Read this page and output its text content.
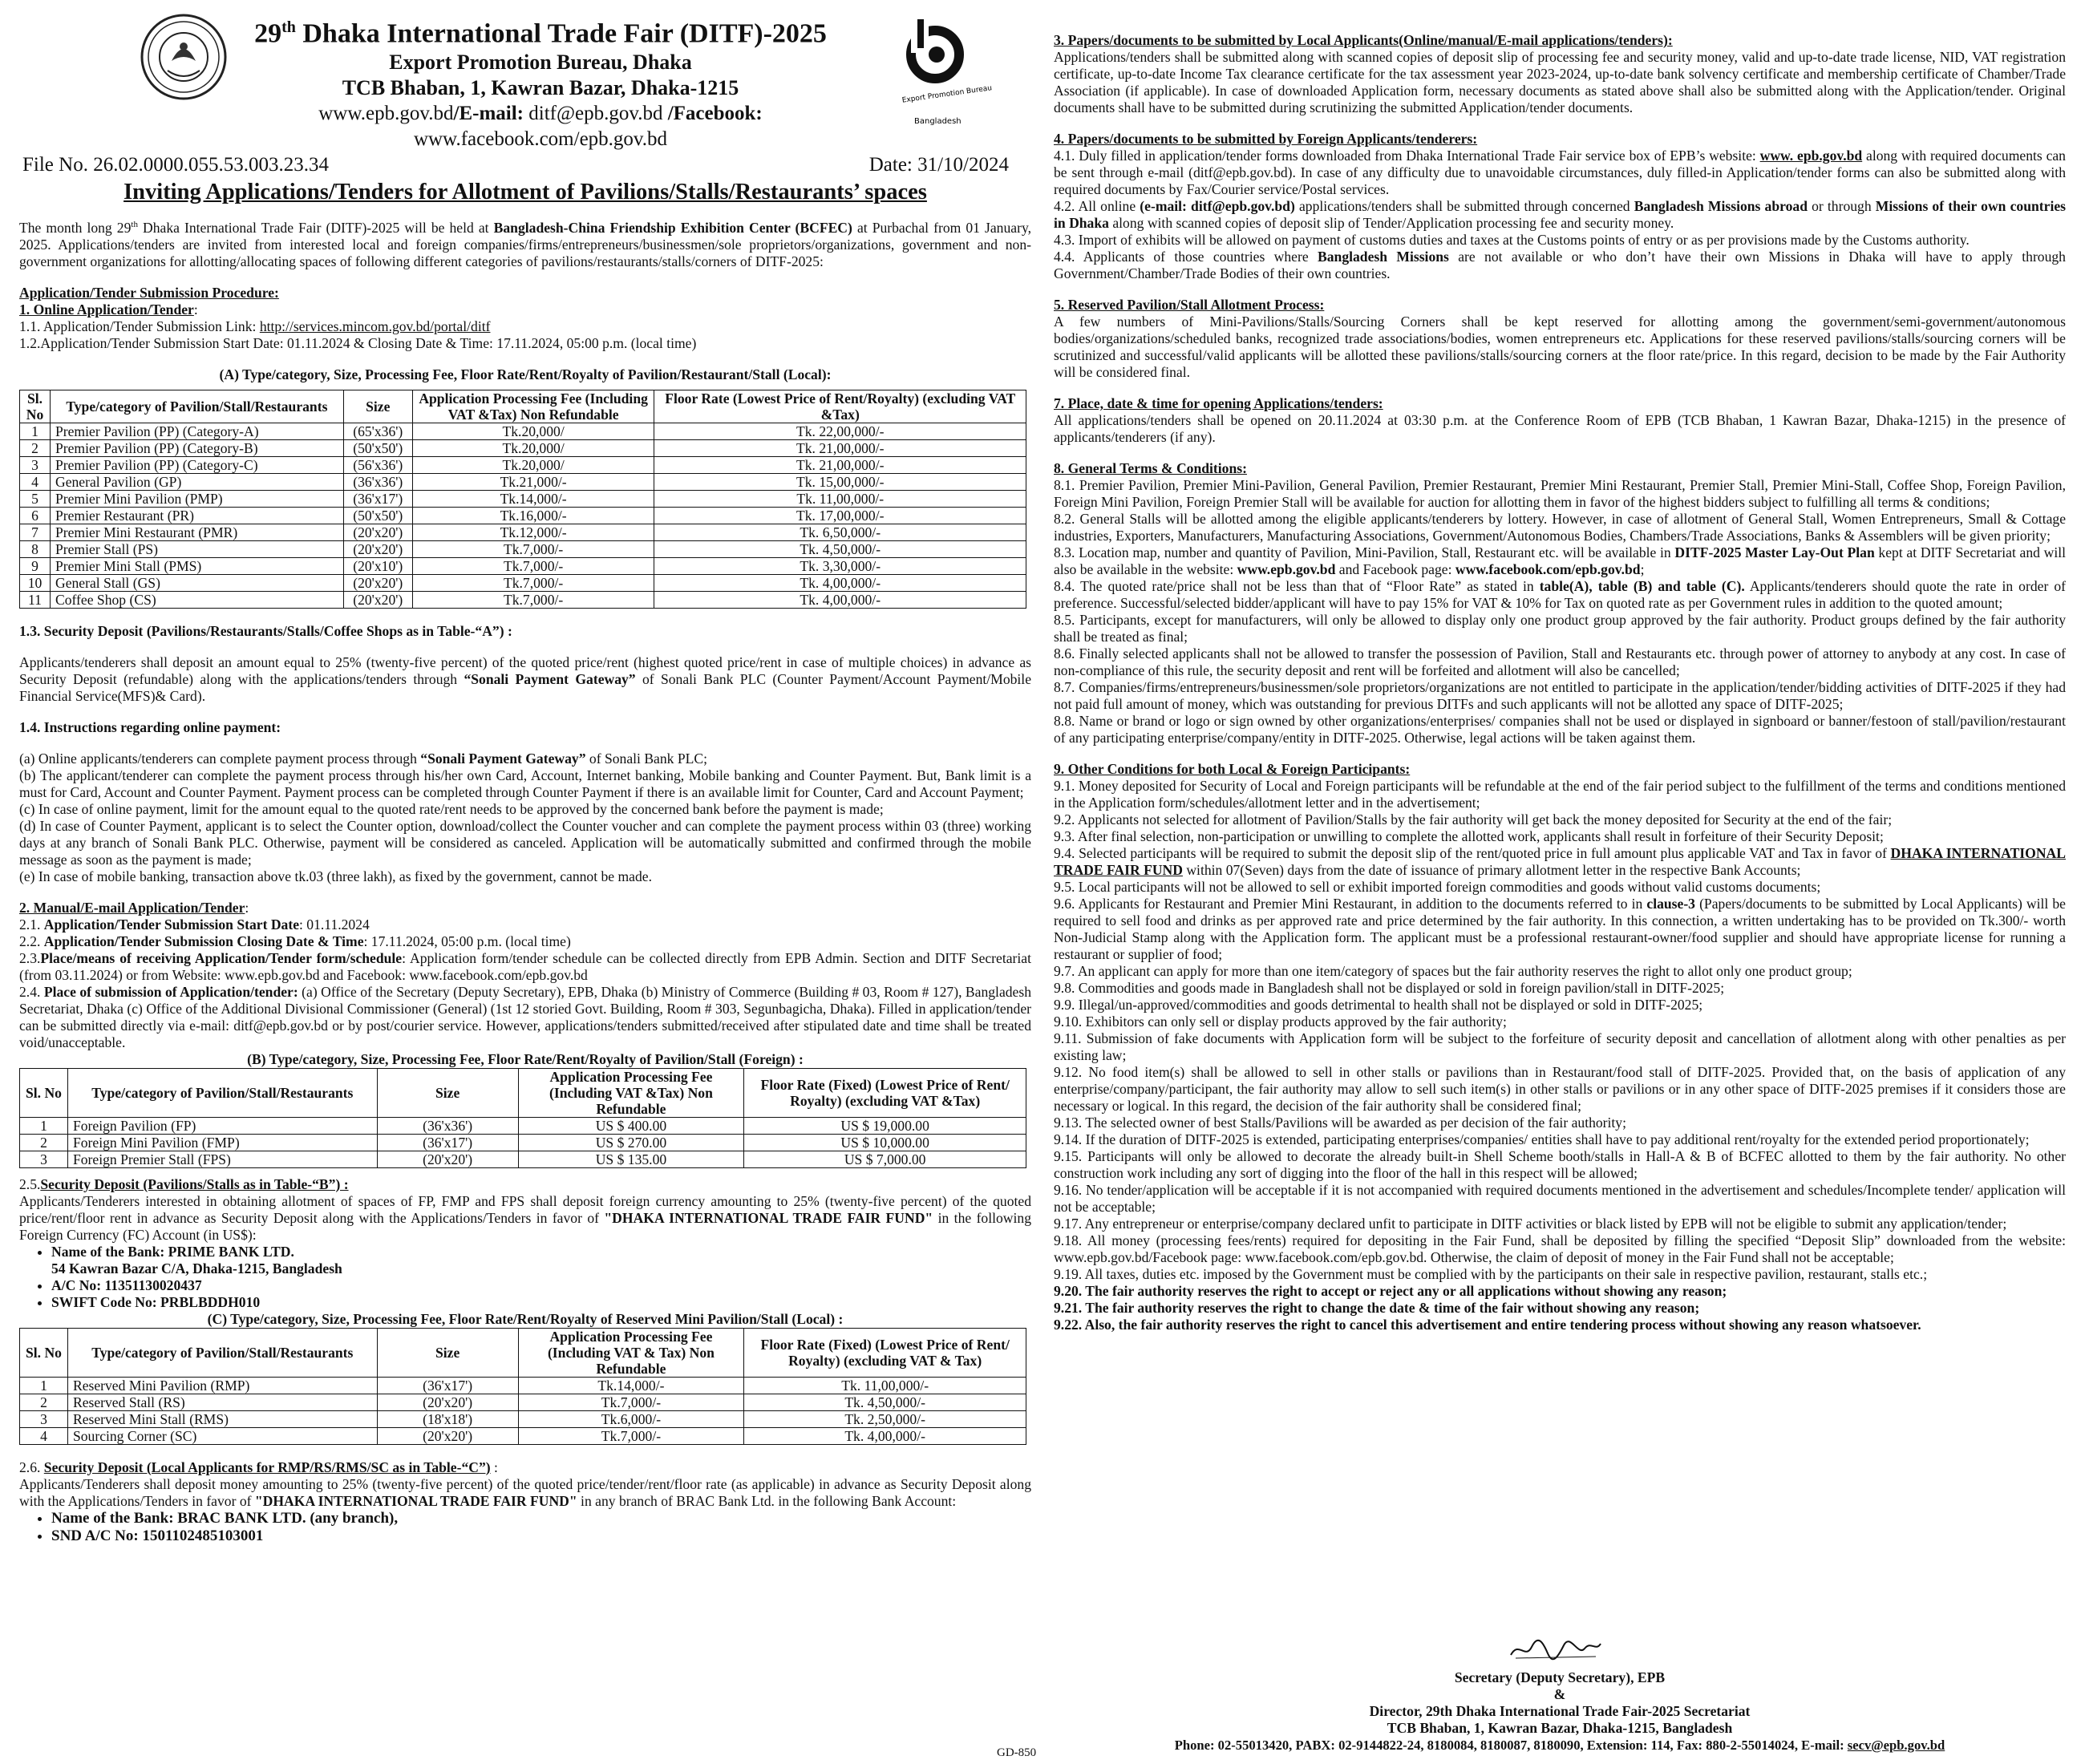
29th Dhaka International Trade Fair (DITF)-2025
Export Promotion Bureau, Dhaka
TCB Bhaban, 1, Kawran Bazar, Dhaka-1215
www.epb.gov.bd/E-mail: ditf@epb.gov.bd /Facebook: www.facebook.com/epb.gov.bd
Export Promotion Bureau
Bangladesh
File No. 26.02.0000.055.53.003.23.34	Date: 31/10/2024
Inviting Applications/Tenders for Allotment of Pavilions/Stalls/Restaurants’ spaces

The month long 29th Dhaka International Trade Fair (DITF)-2025 will be held at Bangladesh-China Friendship Exhibition Center (BCFEC) at Purbachal from 01 January, 2025. Applications/tenders are invited from interested local and foreign companies/firms/entrepreneurs/businessmen/sole proprietors/organizations, government and non-government organizations for allotting/allocating spaces of following different categories of pavilions/restaurants/stalls/corners of DITF-2025:

Application/Tender Submission Procedure:

1. Online Application/Tender:

1.1. Application/Tender Submission Link: http://services.mincom.gov.bd/portal/ditf

1.2.Application/Tender Submission Start Date: 01.11.2024 & Closing Date & Time: 17.11.2024, 05:00 p.m. (local time)

(A) Type/category, Size, Processing Fee, Floor Rate/Rent/Royalty of Pavilion/Restaurant/Stall (Local):

Sl. No	Type/category of Pavilion/Stall/Restaurants	Size	Application Processing Fee (Including VAT &Tax) Non Refundable	Floor Rate (Lowest Price of Rent/Royalty) (excluding VAT &Tax)
1	Premier Pavilion (PP) (Category-A)	(65'x36')	Tk.20,000/	Tk. 22,00,000/-
2	Premier Pavilion (PP) (Category-B)	(50'x50')	Tk.20,000/	Tk. 21,00,000/-
3	Premier Pavilion (PP) (Category-C)	(56'x36')	Tk.20,000/	Tk. 21,00,000/-
4	General Pavilion (GP)	(36'x36')	Tk.21,000/-	Tk. 15,00,000/-
5	Premier Mini Pavilion (PMP)	(36'x17')	Tk.14,000/-	Tk. 11,00,000/-
6	Premier Restaurant (PR)	(50'x50')	Tk.16,000/-	Tk. 17,00,000/-
7	Premier Mini Restaurant (PMR)	(20'x20')	Tk.12,000/-	Tk. 6,50,000/-
8	Premier Stall (PS)	(20'x20')	Tk.7,000/-	Tk. 4,50,000/-
9	Premier Mini Stall (PMS)	(20'x10')	Tk.7,000/-	Tk. 3,30,000/-
10	General Stall (GS)	(20'x20')	Tk.7,000/-	Tk. 4,00,000/-
11	Coffee Shop (CS)	(20'x20')	Tk.7,000/-	Tk. 4,00,000/-

1.3. Security Deposit (Pavilions/Restaurants/Stalls/Coffee Shops as in Table-“A”) :

Applicants/tenderers shall deposit an amount equal to 25% (twenty-five percent) of the quoted price/rent (highest quoted price/rent in case of multiple choices) in advance as Security Deposit (refundable) along with the applications/tenders through “Sonali Payment Gateway” of Sonali Bank PLC (Counter Payment/Account Payment/Mobile Financial Service(MFS)& Card).

1.4. Instructions regarding online payment:

(a) Online applicants/tenderers can complete payment process through “Sonali Payment Gateway” of Sonali Bank PLC;

(b) The applicant/tenderer can complete the payment process through his/her own Card, Account, Internet banking, Mobile banking and Counter Payment. But, Bank limit is a must for Card, Account and Counter Payment. Payment process can be completed through Counter Payment if there is an available limit for Counter, Card and Account Payment;

(c) In case of online payment, limit for the amount equal to the quoted rate/rent needs to be approved by the concerned bank before the payment is made;

(d) In case of Counter Payment, applicant is to select the Counter option, download/collect the Counter voucher and can complete the payment process within 03 (three) working days at any branch of Sonali Bank PLC. Otherwise, payment will be considered as canceled. Application will be automatically submitted and confirmed through the mobile message as soon as the payment is made;

(e) In case of mobile banking, transaction above tk.03 (three lakh), as fixed by the government, cannot be made.

2. Manual/E-mail Application/Tender:

2.1. Application/Tender Submission Start Date: 01.11.2024

2.2. Application/Tender Submission Closing Date & Time: 17.11.2024, 05:00 p.m. (local time)

2.3.Place/means of receiving Application/Tender form/schedule: Application form/tender schedule can be collected directly from EPB Admin. Section and DITF Secretariat (from 03.11.2024) or from Website: www.epb.gov.bd and Facebook: www.facebook.com/epb.gov.bd

2.4. Place of submission of Application/tender: (a) Office of the Secretary (Deputy Secretary), EPB, Dhaka (b) Ministry of Commerce (Building # 03, Room # 127), Bangladesh Secretariat, Dhaka (c) Office of the Additional Divisional Commissioner (General) (1st 12 storied Govt. Building, Room # 303, Segunbagicha, Dhaka). Filled in application/tender can be submitted directly via e-mail: ditf@epb.gov.bd or by post/courier service. However, applications/tenders submitted/received after stipulated date and time shall be treated void/unacceptable.

(B) Type/category, Size, Processing Fee, Floor Rate/Rent/Royalty of Pavilion/Stall (Foreign) :

Sl. No	Type/category of Pavilion/Stall/Restaurants	Size	Application Processing Fee (Including VAT &Tax) Non Refundable	Floor Rate (Fixed) (Lowest Price of Rent/ Royalty) (excluding VAT &Tax)
1	Foreign Pavilion (FP)	(36'x36')	US $ 400.00	US $ 19,000.00
2	Foreign Mini Pavilion (FMP)	(36'x17')	US $ 270.00	US $ 10,000.00
3	Foreign Premier Stall (FPS)	(20'x20')	US $ 135.00	US $ 7,000.00

2.5.Security Deposit (Pavilions/Stalls as in Table-“B”) :

Applicants/Tenderers interested in obtaining allotment of spaces of FP, FMP and FPS shall deposit foreign currency amounting to 25% (twenty-five percent) of the quoted price/rent/floor rent in advance as Security Deposit along with the Applications/Tenders in favor of "DHAKA INTERNATIONAL TRADE FAIR FUND" in the following Foreign Currency (FC) Account (in US$):

• Name of the Bank: PRIME BANK LTD.
54 Kawran Bazar C/A, Dhaka-1215, Bangladesh
• A/C No: 11351130020437
• SWIFT Code No: PRBLBDDH010

(C) Type/category, Size, Processing Fee, Floor Rate/Rent/Royalty of Reserved Mini Pavilion/Stall (Local) :

Sl. No	Type/category of Pavilion/Stall/Restaurants	Size	Application Processing Fee (Including VAT & Tax) Non Refundable	Floor Rate (Fixed) (Lowest Price of Rent/ Royalty) (excluding VAT & Tax)
1	Reserved Mini Pavilion (RMP)	(36'x17')	Tk.14,000/-	Tk. 11,00,000/-
2	Reserved Stall (RS)	(20'x20')	Tk.7,000/-	Tk. 4,50,000/-
3	Reserved Mini Stall (RMS)	(18'x18')	Tk.6,000/-	Tk. 2,50,000/-
4	Sourcing Corner (SC)	(20'x20')	Tk.7,000/-	Tk. 4,00,000/-

2.6. Security Deposit (Local Applicants for RMP/RS/RMS/SC as in Table-“C”) :

Applicants/Tenderers shall deposit money amounting to 25% (twenty-five percent) of the quoted price/tender/rent/floor rate (as applicable) in advance as Security Deposit along with the Applications/Tenders in favor of "DHAKA INTERNATIONAL TRADE FAIR FUND" in any branch of BRAC Bank Ltd. in the following Bank Account:

• Name of the Bank: BRAC BANK LTD. (any branch),
• SND A/C No: 1501102485103001

3. Papers/documents to be submitted by Local Applicants(Online/manual/E-mail applications/tenders):

Applications/tenders shall be submitted along with scanned copies of deposit slip of processing fee and security money, valid and up-to-date trade license, NID, VAT registration certificate, up-to-date Income Tax clearance certificate for the tax assessment year 2023-2024, up-to-date bank solvency certificate and membership certificate of Chamber/Trade Association (if applicable). In case of downloaded Application form, necessary documents as stated above shall also be submitted along with the Application/tender. Original documents shall have to be submitted during scrutinizing the submitted Application/tender documents.

4. Papers/documents to be submitted by Foreign Applicants/tenderers:

4.1. Duly filled in application/tender forms downloaded from Dhaka International Trade Fair service box of EPB’s website: www. epb.gov.bd along with required documents can be sent through e-mail (ditf@epb.gov.bd). In case of any difficulty due to unavoidable circumstances, duly filled-in Application/tender forms can also be submitted along with required documents by Fax/Courier service/Postal services.

4.2. All online (e-mail: ditf@epb.gov.bd) applications/tenders shall be submitted through concerned Bangladesh Missions abroad or through Missions of their own countries in Dhaka along with scanned copies of deposit slip of Tender/Application processing fee and security money.

4.3. Import of exhibits will be allowed on payment of customs duties and taxes at the Customs points of entry or as per provisions made by the Customs authority.

4.4. Applicants of those countries where Bangladesh Missions are not available or who don’t have their own Missions in Dhaka will have to apply through Government/Chamber/Trade Bodies of their own countries.

5. Reserved Pavilion/Stall Allotment Process:

A few numbers of Mini-Pavilions/Stalls/Sourcing Corners shall be kept reserved for allotting among the government/semi-government/autonomous bodies/organizations/scheduled banks, recognized trade associations/bodies, women entrepreneurs etc. Applications for these reserved pavilions/stalls/sourcing corners will be scrutinized and successful/valid applicants will be allotted these pavilions/stalls/sourcing corners at the floor rate/price. In this regard, decision to be made by the Fair Authority will be considered final.

7. Place, date & time for opening Applications/tenders:

All applications/tenders shall be opened on 20.11.2024 at 03:30 p.m. at the Conference Room of EPB (TCB Bhaban, 1 Kawran Bazar, Dhaka-1215) in the presence of applicants/tenderers (if any).

8. General Terms & Conditions:

8.1. Premier Pavilion, Premier Mini-Pavilion, General Pavilion, Premier Restaurant, Premier Mini Restaurant, Premier Stall, Premier Mini-Stall, Coffee Shop, Foreign Pavilion, Foreign Mini Pavilion, Foreign Premier Stall will be available for auction for allotting them in favor of the highest bidders subject to fulfilling all terms & conditions;

8.2. General Stalls will be allotted among the eligible applicants/tenderers by lottery. However, in case of allotment of General Stall, Women Entrepreneurs, Small & Cottage industries, Exporters, Manufacturers, Manufacturing Associations, Government/Autonomous Bodies, Chambers/Trade Associations, Banks & Assemblers will be given priority;

8.3. Location map, number and quantity of Pavilion, Mini-Pavilion, Stall, Restaurant etc. will be available in DITF-2025 Master Lay-Out Plan kept at DITF Secretariat and will also be available in the website: www.epb.gov.bd and Facebook page: www.facebook.com/epb.gov.bd;

8.4. The quoted rate/price shall not be less than that of “Floor Rate” as stated in table(A), table (B) and table (C). Applicants/tenderers should quote the rate in order of preference. Successful/selected bidder/applicant will have to pay 15% for VAT & 10% for Tax on quoted rate as per Government rules in addition to the quoted amount;

8.5. Participants, except for manufacturers, will only be allowed to display only one product group approved by the fair authority. Product groups defined by the fair authority shall be treated as final;

8.6. Finally selected applicants shall not be allowed to transfer the possession of Pavilion, Stall and Restaurants etc. through power of attorney to anybody at any cost. In case of non-compliance of this rule, the security deposit and rent will be forfeited and allotment will also be cancelled;

8.7. Companies/firms/entrepreneurs/businessmen/sole proprietors/organizations are not entitled to participate in the application/tender/bidding activities of DITF-2025 if they had not paid full amount of money, which was outstanding for previous DITFs and such applicants will not be allotted any space of DITF-2025;

8.8. Name or brand or logo or sign owned by other organizations/enterprises/ companies shall not be used or displayed in signboard or banner/festoon of stall/pavilion/restaurant of any participating enterprise/company/entity in DITF-2025. Otherwise, legal actions will be taken against them.

9. Other Conditions for both Local & Foreign Participants:

9.1. Money deposited for Security of Local and Foreign participants will be refundable at the end of the fair period subject to the fulfillment of the terms and conditions mentioned in the Application form/schedules/allotment letter and in the advertisement;

9.2. Applicants not selected for allotment of Pavilion/Stalls by the fair authority will get back the money deposited for Security at the end of the fair;

9.3. After final selection, non-participation or unwilling to complete the allotted work, applicants shall result in forfeiture of their Security Deposit;

9.4. Selected participants will be required to submit the deposit slip of the rent/quoted price in full amount plus applicable VAT and Tax in favor of DHAKA INTERNATIONAL TRADE FAIR FUND within 07(Seven) days from the date of issuance of primary allotment letter in the respective Bank Accounts;

9.5. Local participants will not be allowed to sell or exhibit imported foreign commodities and goods without valid customs documents;

9.6. Applicants for Restaurant and Premier Mini Restaurant, in addition to the documents referred to in clause-3 (Papers/documents to be submitted by Local Applicants) will be required to sell food and drinks as per approved rate and price determined by the fair authority. In this connection, a written undertaking has to be provided on Tk.300/- worth Non-Judicial Stamp along with the Application form. The applicant must be a professional restaurant-owner/food supplier and should have appropriate license for running a restaurant or supplier of food;

9.7. An applicant can apply for more than one item/category of spaces but the fair authority reserves the right to allot only one product group;

9.8. Commodities and goods made in Bangladesh shall not be displayed or sold in foreign pavilion/stall in DITF-2025;

9.9. Illegal/un-approved/commodities and goods detrimental to health shall not be displayed or sold in DITF-2025;

9.10. Exhibitors can only sell or display products approved by the fair authority;

9.11. Submission of fake documents with Application form will be subject to the forfeiture of security deposit and cancellation of allotment along with other penalties as per existing law;

9.12. No food item(s) shall be allowed to sell in other stalls or pavilions than in Restaurant/food stall of DITF-2025. Provided that, on the basis of application of any enterprise/company/participant, the fair authority may allow to sell such item(s) in other stalls or pavilions or in any other space of DITF-2025 premises if it considers those are necessary or logical. In this regard, the decision of the fair authority shall be considered final;

9.13. The selected owner of best Stalls/Pavilions will be awarded as per decision of the fair authority;

9.14. If the duration of DITF-2025 is extended, participating enterprises/companies/ entities shall have to pay additional rent/royalty for the extended period proportionately;

9.15. Participants will only be allowed to decorate the already built-in Shell Scheme booth/stalls in Hall-A & B of BCFEC allotted to them by the fair authority. No other construction work including any sort of digging into the floor of the hall in this respect will be allowed;

9.16. No tender/application will be acceptable if it is not accompanied with required documents mentioned in the advertisement and schedules/Incomplete tender/ application will not be acceptable;

9.17. Any entrepreneur or enterprise/company declared unfit to participate in DITF activities or black listed by EPB will not be eligible to submit any application/tender;

9.18. All money (processing fees/rents) required for depositing in the Fair Fund, shall be deposited by filling the specified “Deposit Slip” downloaded from the website: www.epb.gov.bd/Facebook page: www.facebook.com/epb.gov.bd. Otherwise, the claim of deposit of money in the Fair Fund shall not be acceptable;

9.19. All taxes, duties etc. imposed by the Government must be complied with by the participants on their sale in respective pavilion, restaurant, stalls etc.;

9.20. The fair authority reserves the right to accept or reject any or all applications without showing any reason;

9.21. The fair authority reserves the right to change the date & time of the fair without showing any reason;

9.22. Also, the fair authority reserves the right to cancel this advertisement and entire tendering process without showing any reason whatsoever.

Secretary (Deputy Secretary), EPB

&

Director, 29th Dhaka International Trade Fair-2025 Secretariat

TCB Bhaban, 1, Kawran Bazar, Dhaka-1215, Bangladesh

Phone: 02-55013420, PABX: 02-9144822-24, 8180084, 8180087, 8180090, Extension: 114, Fax: 880-2-55014024, E-mail: secv@epb.gov.bd

GD-850
